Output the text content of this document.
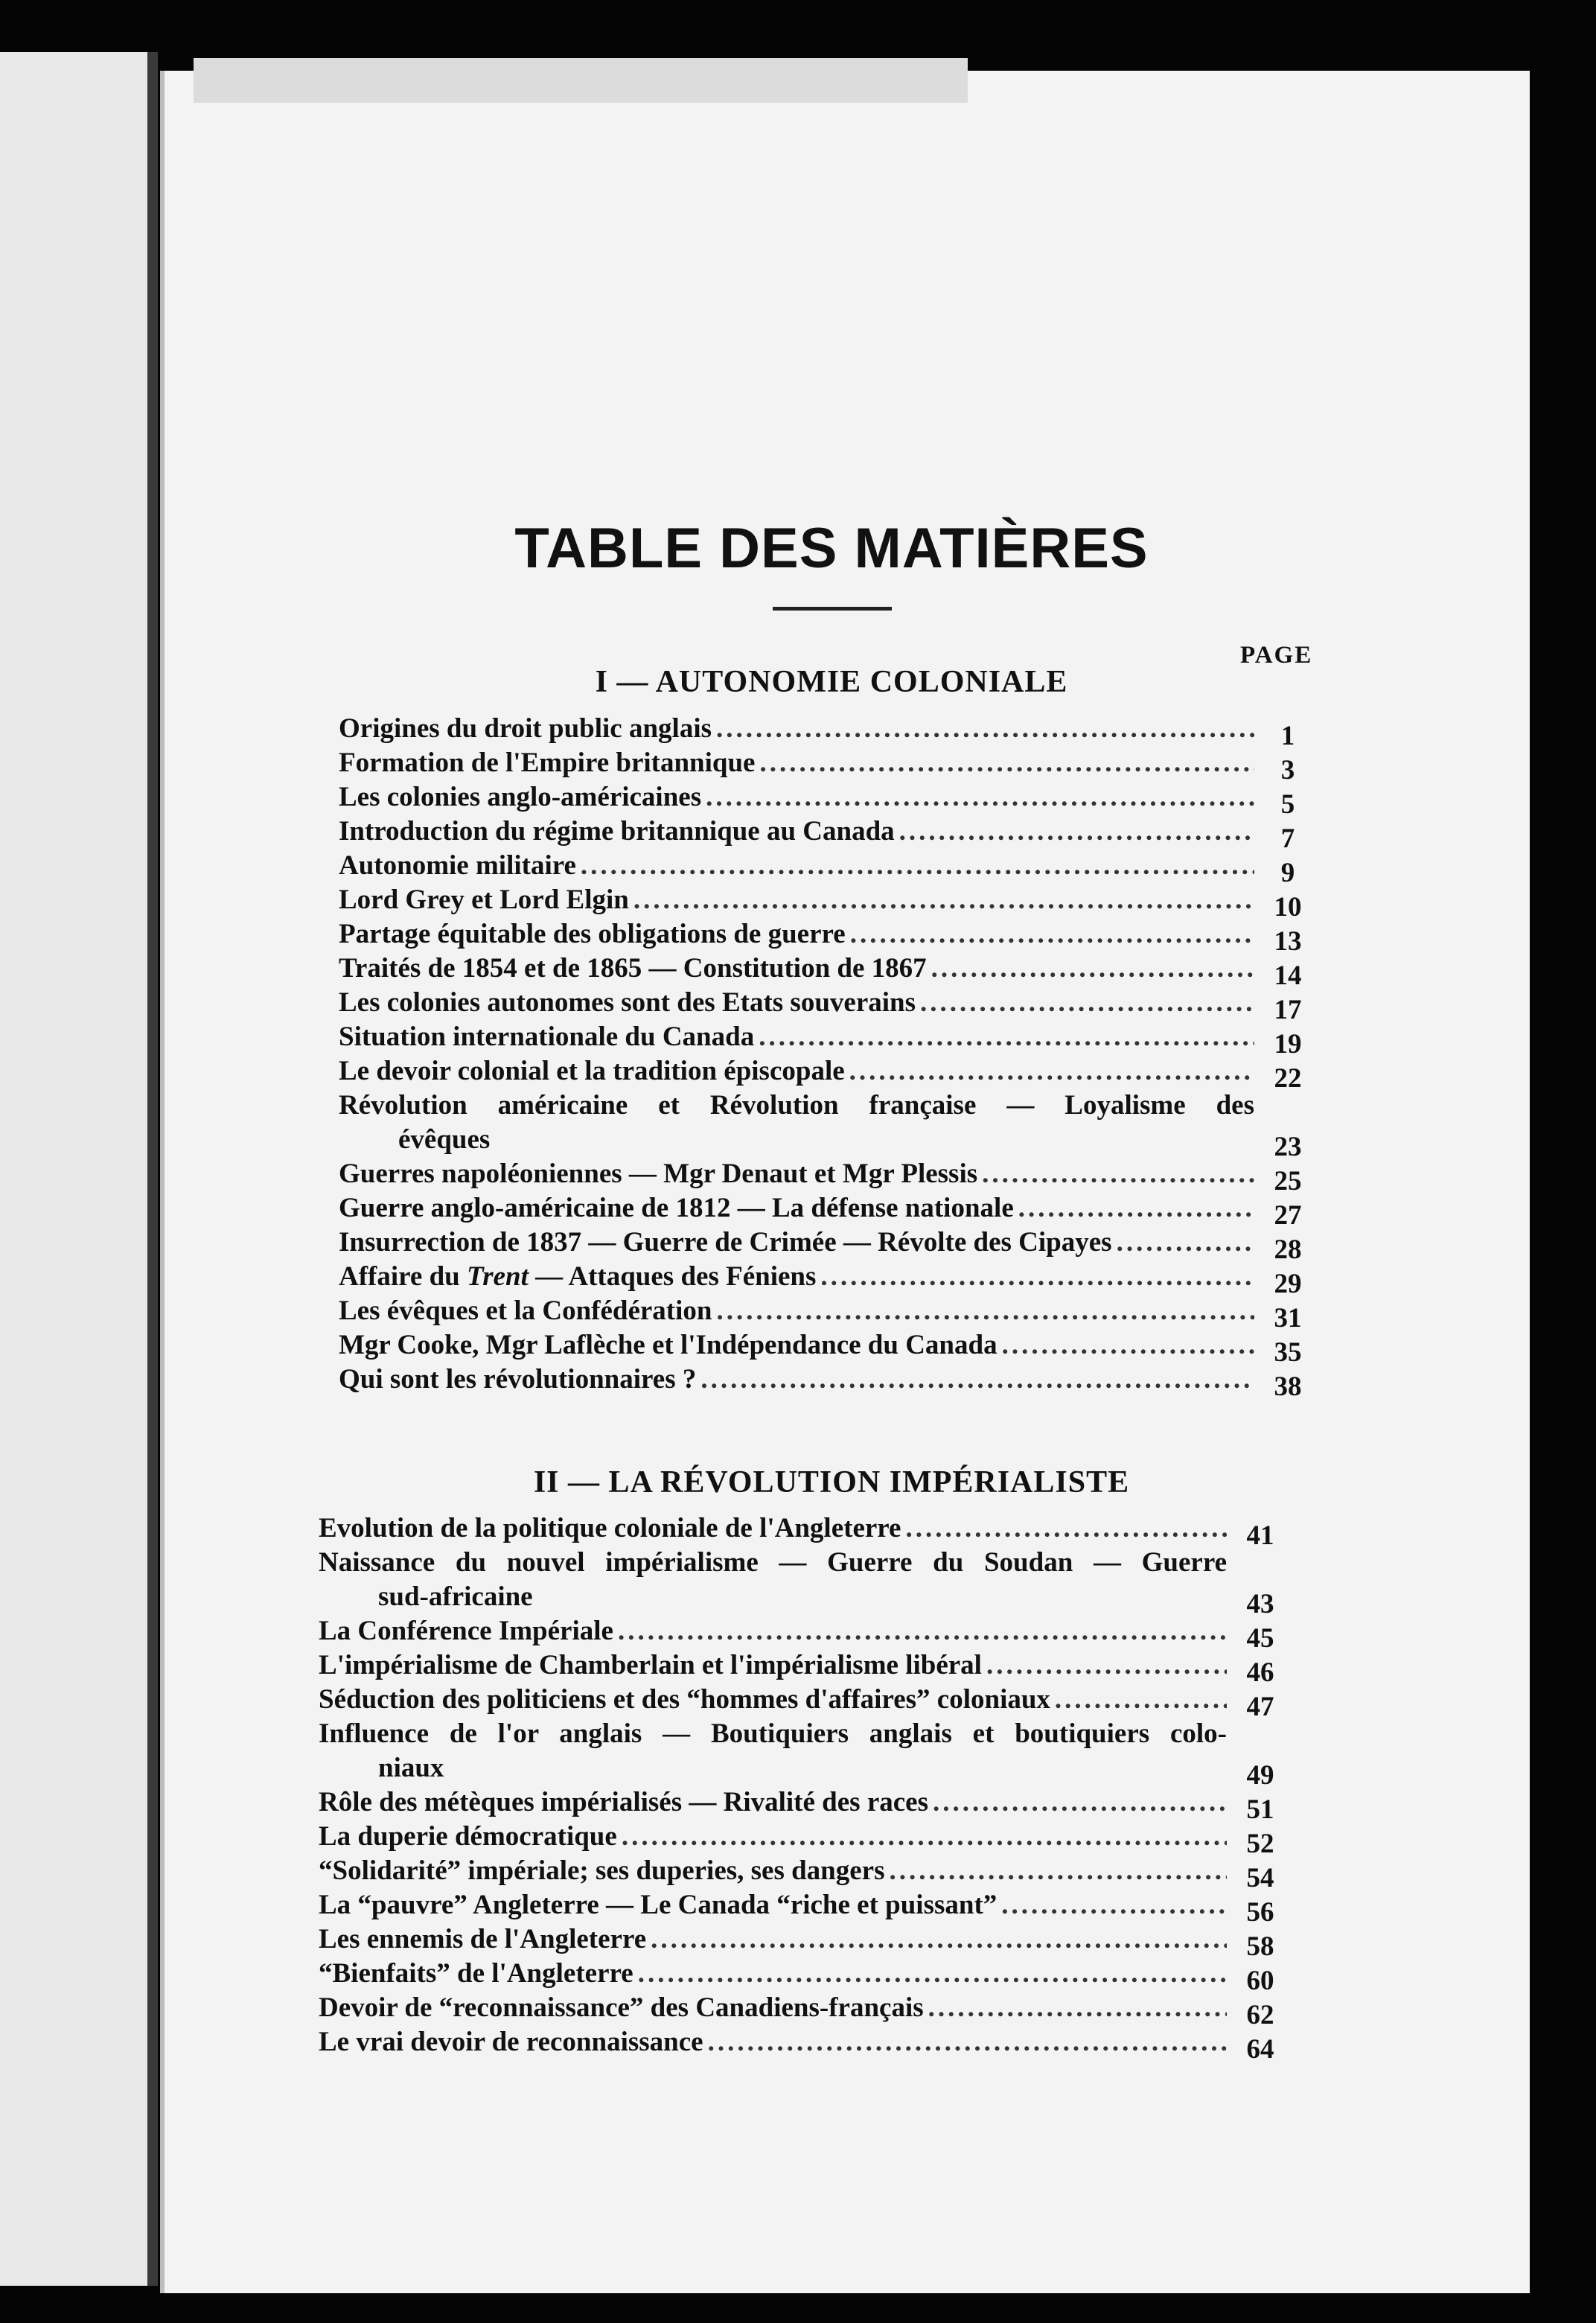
TABLE DES MATIÈRES
PAGE
I — AUTONOMIE COLONIALE
Origines du droit public anglais .....	1
Formation de l'Empire britannique .....	3
Les colonies anglo-américaines .....	5
Introduction du régime britannique au Canada .....	7
Autonomie militaire .....	9
Lord Grey et Lord Elgin .....	10
Partage équitable des obligations de guerre .....	13
Traités de 1854 et de 1865 — Constitution de 1867 .....	14
Les colonies autonomes sont des Etats souverains .....	17
Situation internationale du Canada .....	19
Le devoir colonial et la tradition épiscopale .....	22
Révolution américaine et Révolution française — Loyalisme des
évêques	23
Guerres napoléoniennes — Mgr Denaut et Mgr Plessis .....	25
Guerre anglo-américaine de 1812 — La défense nationale .....	27
Insurrection de 1837 — Guerre de Crimée — Révolte des Cipayes .....	28
Affaire du Trent — Attaques des Féniens .....	29
Les évêques et la Confédération .....	31
Mgr Cooke, Mgr Laflèche et l'Indépendance du Canada .....	35
Qui sont les révolutionnaires ? .....	38
II — LA RÉVOLUTION IMPÉRIALISTE
Evolution de la politique coloniale de l'Angleterre .....	41
Naissance du nouvel impérialisme — Guerre du Soudan — Guerre
sud-africaine	43
La Conférence Impériale .....	45
L'impérialisme de Chamberlain et l'impérialisme libéral .....	46
Séduction des politiciens et des “hommes d'affaires” coloniaux .....	47
Influence de l'or anglais — Boutiquiers anglais et boutiquiers colo-
niaux	49
Rôle des métèques impérialisés — Rivalité des races .....	51
La duperie démocratique .....	52
“Solidarité” impériale; ses duperies, ses dangers .....	54
La “pauvre” Angleterre — Le Canada “riche et puissant” .....	56
Les ennemis de l'Angleterre .....	58
“Bienfaits” de l'Angleterre .....	60
Devoir de “reconnaissance” des Canadiens-français .....	62
Le vrai devoir de reconnaissance .....	64
